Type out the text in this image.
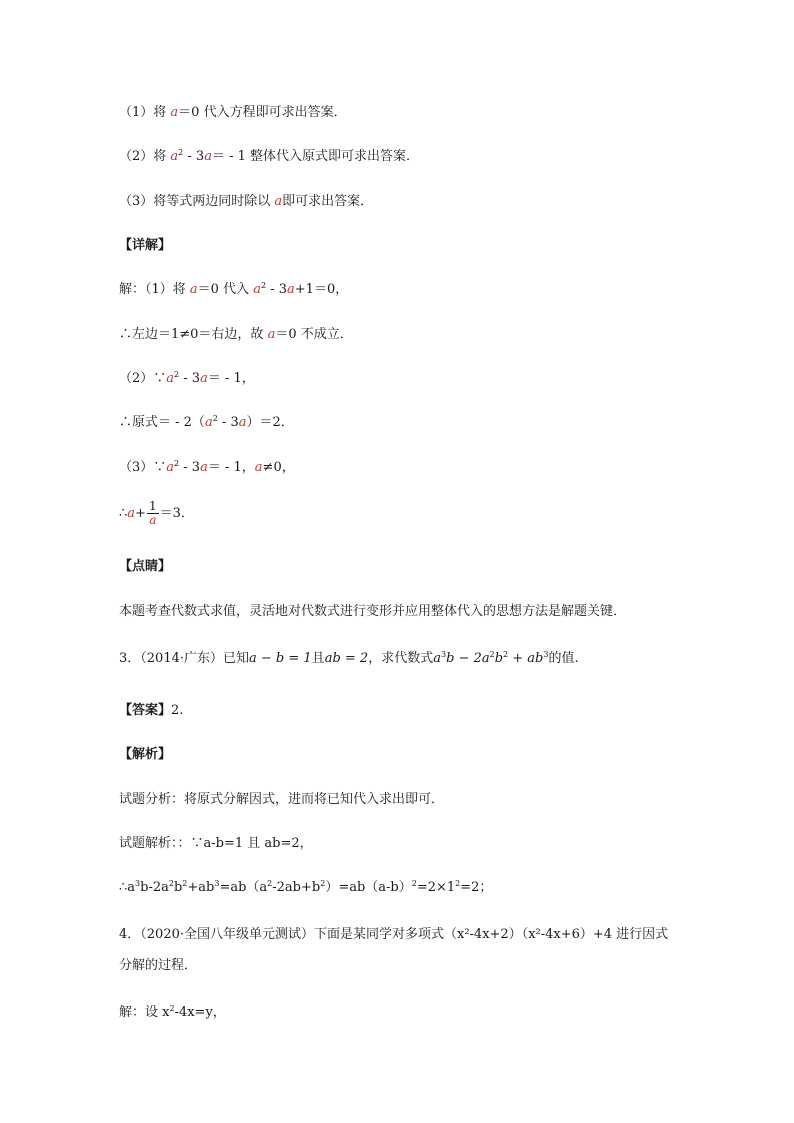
（1）将 a＝0 代入方程即可求出答案．
（2）将 $a^2 - 3a= - 1$ 整体代入原式即可求出答案．
（3）将等式两边同时除以 a即可求出答案．
【详解】
解：（1）将 a＝0 代入 $a^2 - 3a+1=0$，
∴左边＝1≠0＝右边，故 a＝0 不成立．
$(2)\because a^2 - 3a= - 1$，
∴原式＝ - $2(a^2 - 3a)=2$．
$(3)\because a^2 - 3a= - 1$，a≠0，
∴a+ $\frac{1}{a} =3$．
【点睛】
本题考查代数式求值，灵活地对代数式进行变形并应用整体代入的思想方法是解题关键．
3．（2014·广东）已知a − b = 1且ab = 2，求代数式$a^3b - 2a^2b^2 + ab^3$的值.
【答案】2.
【解析】
试题分析：将原式分解因式，进而将已知代入求出即可．
试题解析：：∵a-b=1 且 ab=2，
$\therefore a^3b-2a^2b^2+ab^3=ab(a^2-2ab+b^2)=ab(a-b)^2=2\times 1^2=2$；
4．（2020·全国八年级单元测试）下面是某同学对多项式（x²-4x+2）（x²-4x+6）+4 进行因式
分解的过程．
解：设 $x^2-4x=y$，
